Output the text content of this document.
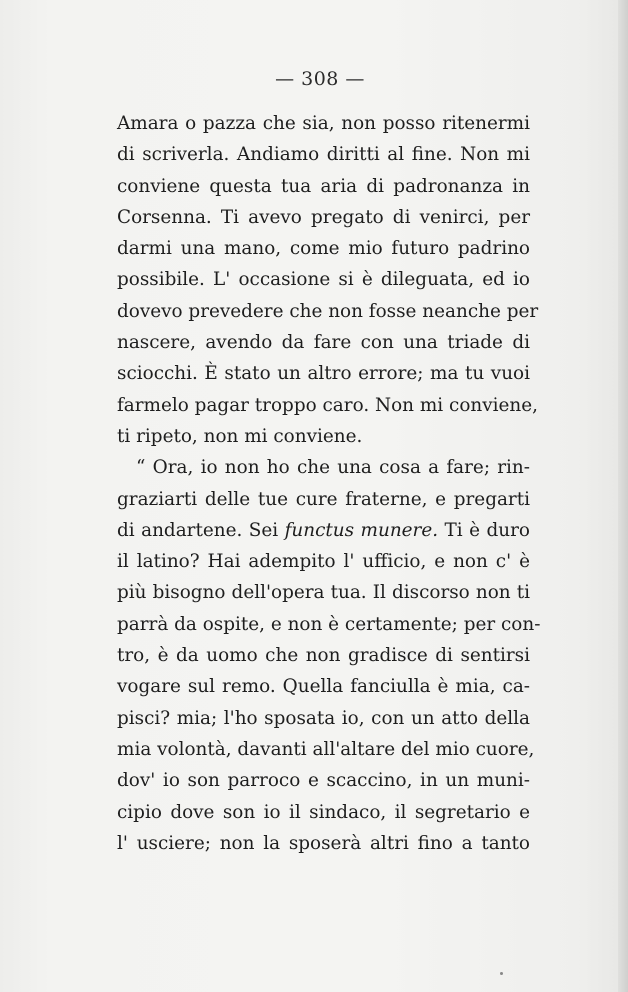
— 308 —
Amara o pazza che sia, non posso ritenermi
di scriverla. Andiamo diritti al fine. Non mi
conviene questa tua aria di padronanza in
Corsenna. Ti avevo pregato di venirci, per
darmi una mano, come mio futuro padrino
possibile. L' occasione si è dileguata, ed io
dovevo prevedere che non fosse neanche per
nascere, avendo da fare con una triade di
sciocchi. È stato un altro errore; ma tu vuoi
farmelo pagar troppo caro. Non mi conviene,
ti ripeto, non mi conviene.
“ Ora, io non ho che una cosa a fare; rin-
graziarti delle tue cure fraterne, e pregarti
di andartene. Sei functus munere. Ti è duro
il latino? Hai adempito l' ufficio, e non c' è
più bisogno dell'opera tua. Il discorso non ti
parrà da ospite, e non è certamente; per con-
tro, è da uomo che non gradisce di sentirsi
vogare sul remo. Quella fanciulla è mia, ca-
pisci? mia; l'ho sposata io, con un atto della
mia volontà, davanti all'altare del mio cuore,
dov' io son parroco e scaccino, in un muni-
cipio dove son io il sindaco, il segretario e
l' usciere; non la sposerà altri fino a tanto
